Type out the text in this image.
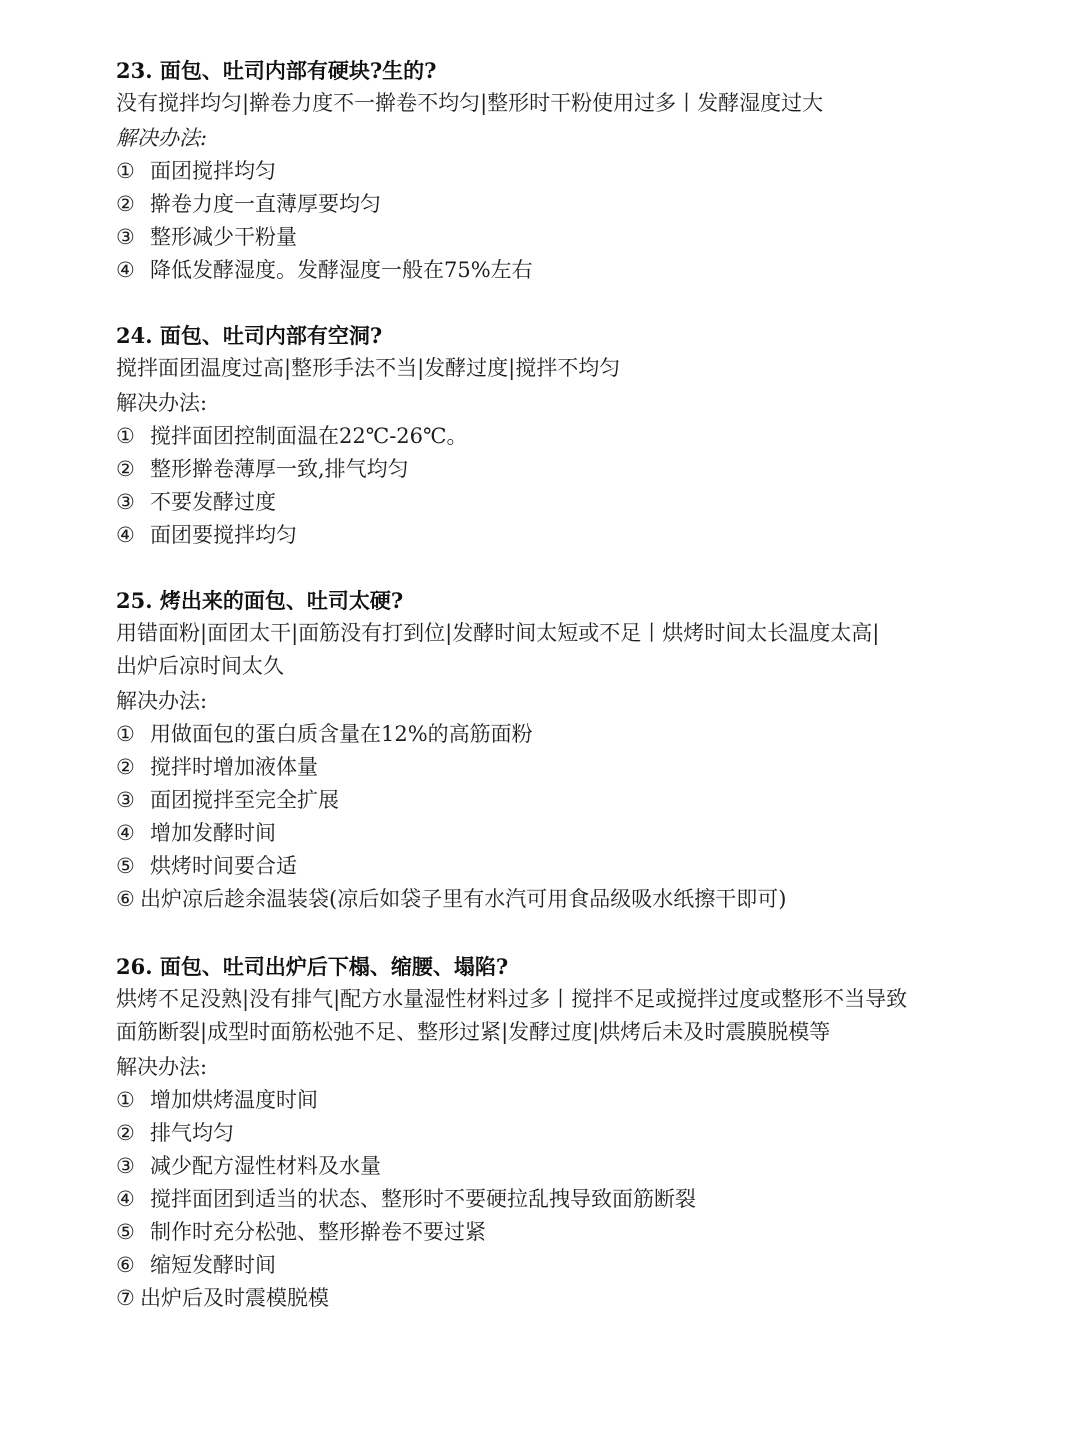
23. 面包、吐司内部有硬块?生的?

没有搅拌均匀|擀卷力度不一擀卷不均匀|整形时干粉使用过多丨发酵湿度过大

解决办法:

① 面团搅拌均匀

② 擀卷力度一直薄厚要均匀

③ 整形减少干粉量

④ 降低发酵湿度。发酵湿度一般在75%左右

24. 面包、吐司内部有空洞?

搅拌面团温度过高|整形手法不当|发酵过度|搅拌不均匀

解决办法:

① 搅拌面团控制面温在22℃-26℃。

② 整形擀卷薄厚一致,排气均匀

③ 不要发酵过度

④ 面团要搅拌均匀

25. 烤出来的面包、吐司太硬?

用错面粉|面团太干|面筋没有打到位|发酵时间太短或不足丨烘烤时间太长温度太高|

出炉后凉时间太久

解决办法:

① 用做面包的蛋白质含量在12%的高筋面粉

② 搅拌时增加液体量

③ 面团搅拌至完全扩展

④ 增加发酵时间

⑤ 烘烤时间要合适

⑥ 出炉凉后趁余温装袋(凉后如袋子里有水汽可用食品级吸水纸擦干即可)

26. 面包、吐司出炉后下榻、缩腰、塌陷?

烘烤不足没熟|没有排气|配方水量湿性材料过多丨搅拌不足或搅拌过度或整形不当导致

面筋断裂|成型时面筋松弛不足、整形过紧|发酵过度|烘烤后未及时震膜脱模等

解决办法:

① 增加烘烤温度时间

② 排气均匀

③ 减少配方湿性材料及水量

④ 搅拌面团到适当的状态、整形时不要硬拉乱拽导致面筋断裂

⑤ 制作时充分松弛、整形擀卷不要过紧

⑥ 缩短发酵时间

⑦ 出炉后及时震模脱模
